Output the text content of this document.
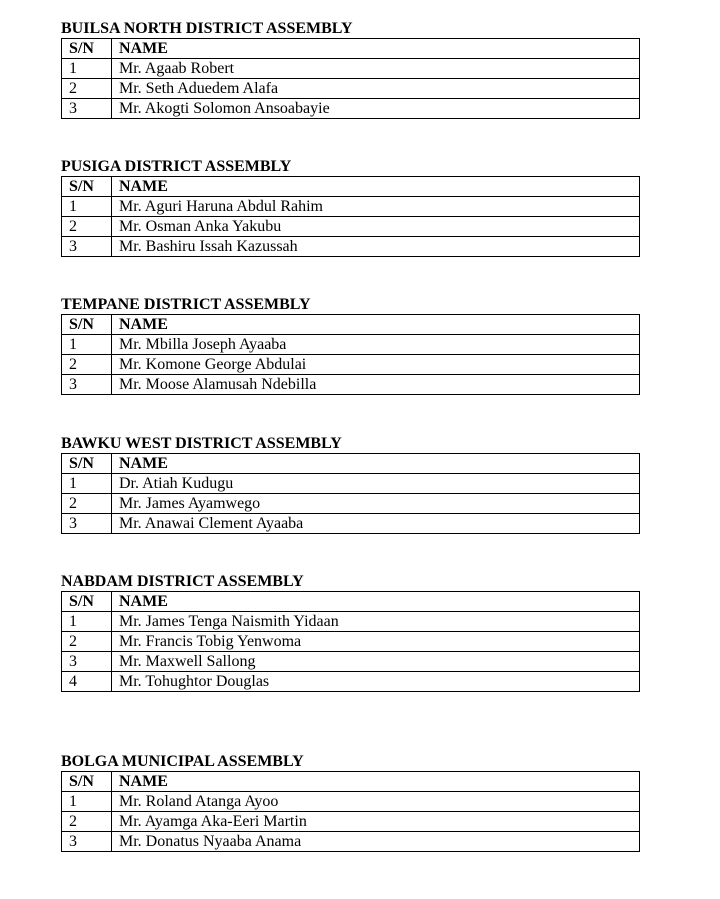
BUILSA NORTH DISTRICT ASSEMBLY
S/N	NAME
1	Mr. Agaab Robert
2	Mr. Seth Aduedem Alafa
3	Mr. Akogti Solomon Ansoabayie
PUSIGA DISTRICT ASSEMBLY
S/N	NAME
1	Mr. Aguri Haruna Abdul Rahim
2	Mr. Osman Anka Yakubu
3	Mr. Bashiru Issah Kazussah
TEMPANE DISTRICT ASSEMBLY
S/N	NAME
1	Mr. Mbilla Joseph Ayaaba
2	Mr. Komone George Abdulai
3	Mr. Moose Alamusah Ndebilla
BAWKU WEST DISTRICT ASSEMBLY
S/N	NAME
1	Dr. Atiah Kudugu
2	Mr. James Ayamwego
3	Mr. Anawai Clement Ayaaba
NABDAM DISTRICT ASSEMBLY
S/N	NAME
1	Mr. James Tenga Naismith Yidaan
2	Mr. Francis Tobig Yenwoma
3	Mr. Maxwell Sallong
4	Mr. Tohughtor Douglas
BOLGA MUNICIPAL ASSEMBLY
S/N	NAME
1	Mr. Roland Atanga Ayoo
2	Mr. Ayamga Aka-Eeri Martin
3	Mr. Donatus Nyaaba Anama
